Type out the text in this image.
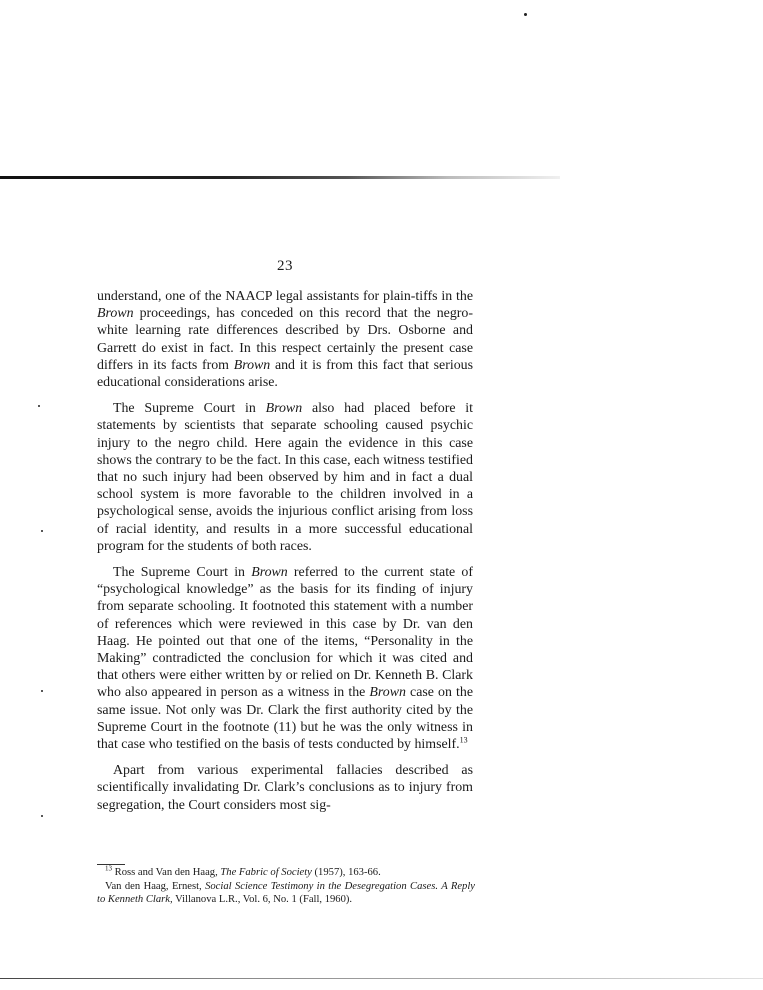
23

understand, one of the NAACP legal assistants for plain-tiffs in the Brown proceedings, has conceded on this record that the negro-white learning rate differences described by Drs. Osborne and Garrett do exist in fact. In this respect certainly the present case differs in its facts from Brown and it is from this fact that serious educational considerations arise.

The Supreme Court in Brown also had placed before it statements by scientists that separate schooling caused psychic injury to the negro child. Here again the evidence in this case shows the contrary to be the fact. In this case, each witness testified that no such injury had been observed by him and in fact a dual school system is more favorable to the children involved in a psychological sense, avoids the injurious conflict arising from loss of racial identity, and results in a more successful educational program for the students of both races.

The Supreme Court in Brown referred to the current state of “psychological knowledge” as the basis for its finding of injury from separate schooling. It footnoted this statement with a number of references which were reviewed in this case by Dr. van den Haag. He pointed out that one of the items, “Personality in the Making” contradicted the conclusion for which it was cited and that others were either written by or relied on Dr. Kenneth B. Clark who also appeared in person as a witness in the Brown case on the same issue. Not only was Dr. Clark the first authority cited by the Supreme Court in the footnote (11) but he was the only witness in that case who testified on the basis of tests conducted by himself.$^{13}$

Apart from various experimental fallacies described as scientifically invalidating Dr. Clark’s conclusions as to injury from segregation, the Court considers most sig-

$^{13}$ Ross and Van den Haag, The Fabric of Society (1957), 163-66.

Van den Haag, Ernest, Social Science Testimony in the Desegregation Cases. A Reply to Kenneth Clark, Villanova L.R., Vol. 6, No. 1 (Fall, 1960).
